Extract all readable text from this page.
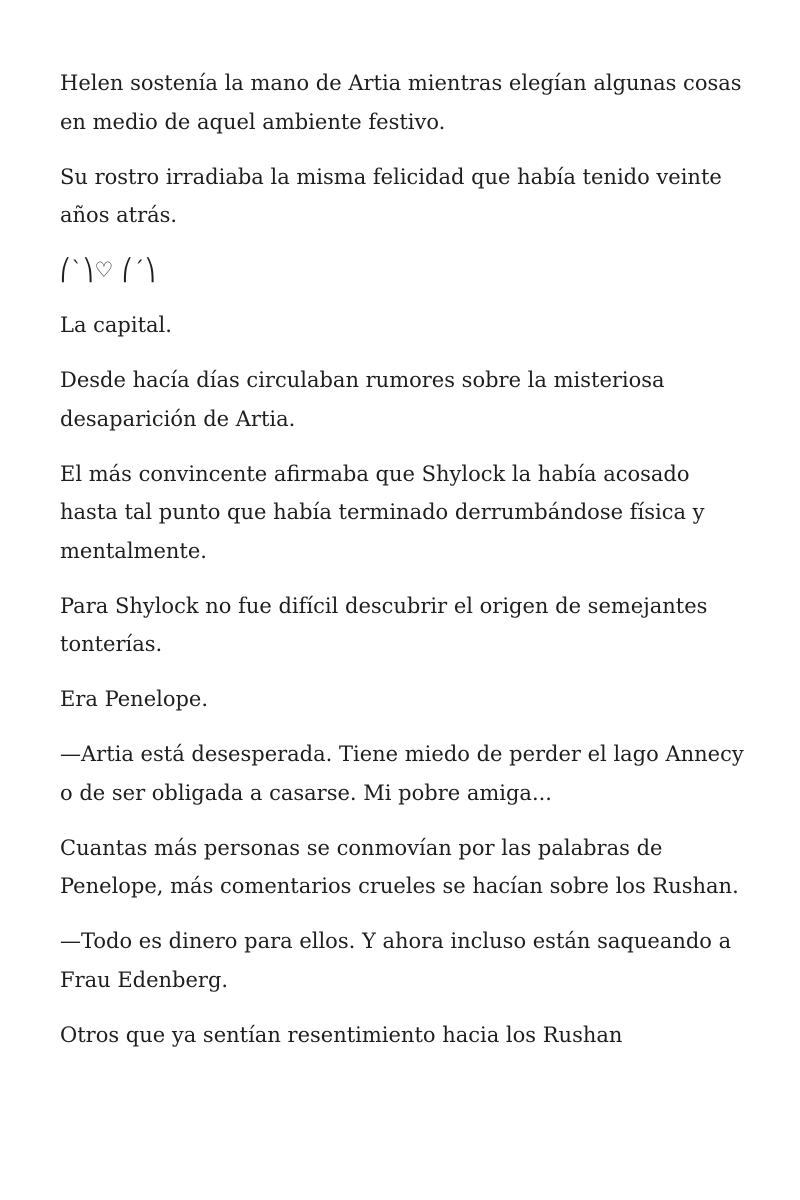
Helen sostenía la mano de Artia mientras elegían algunas cosas en medio de aquel ambiente festivo.

Su rostro irradiaba la misma felicidad que había tenido veinte años atrás.

⎛`⎞♡ ⎛´⎞

La capital.

Desde hacía días circulaban rumores sobre la misteriosa desaparición de Artia.

El más convincente afirmaba que Shylock la había acosado hasta tal punto que había terminado derrumbándose física y mentalmente.

Para Shylock no fue difícil descubrir el origen de semejantes tonterías.

Era Penelope.

—Artia está desesperada. Tiene miedo de perder el lago Annecy o de ser obligada a casarse. Mi pobre amiga...

Cuantas más personas se conmovían por las palabras de Penelope, más comentarios crueles se hacían sobre los Rushan.

—Todo es dinero para ellos. Y ahora incluso están saqueando a Frau Edenberg.

Otros que ya sentían resentimiento hacia los Rushan
